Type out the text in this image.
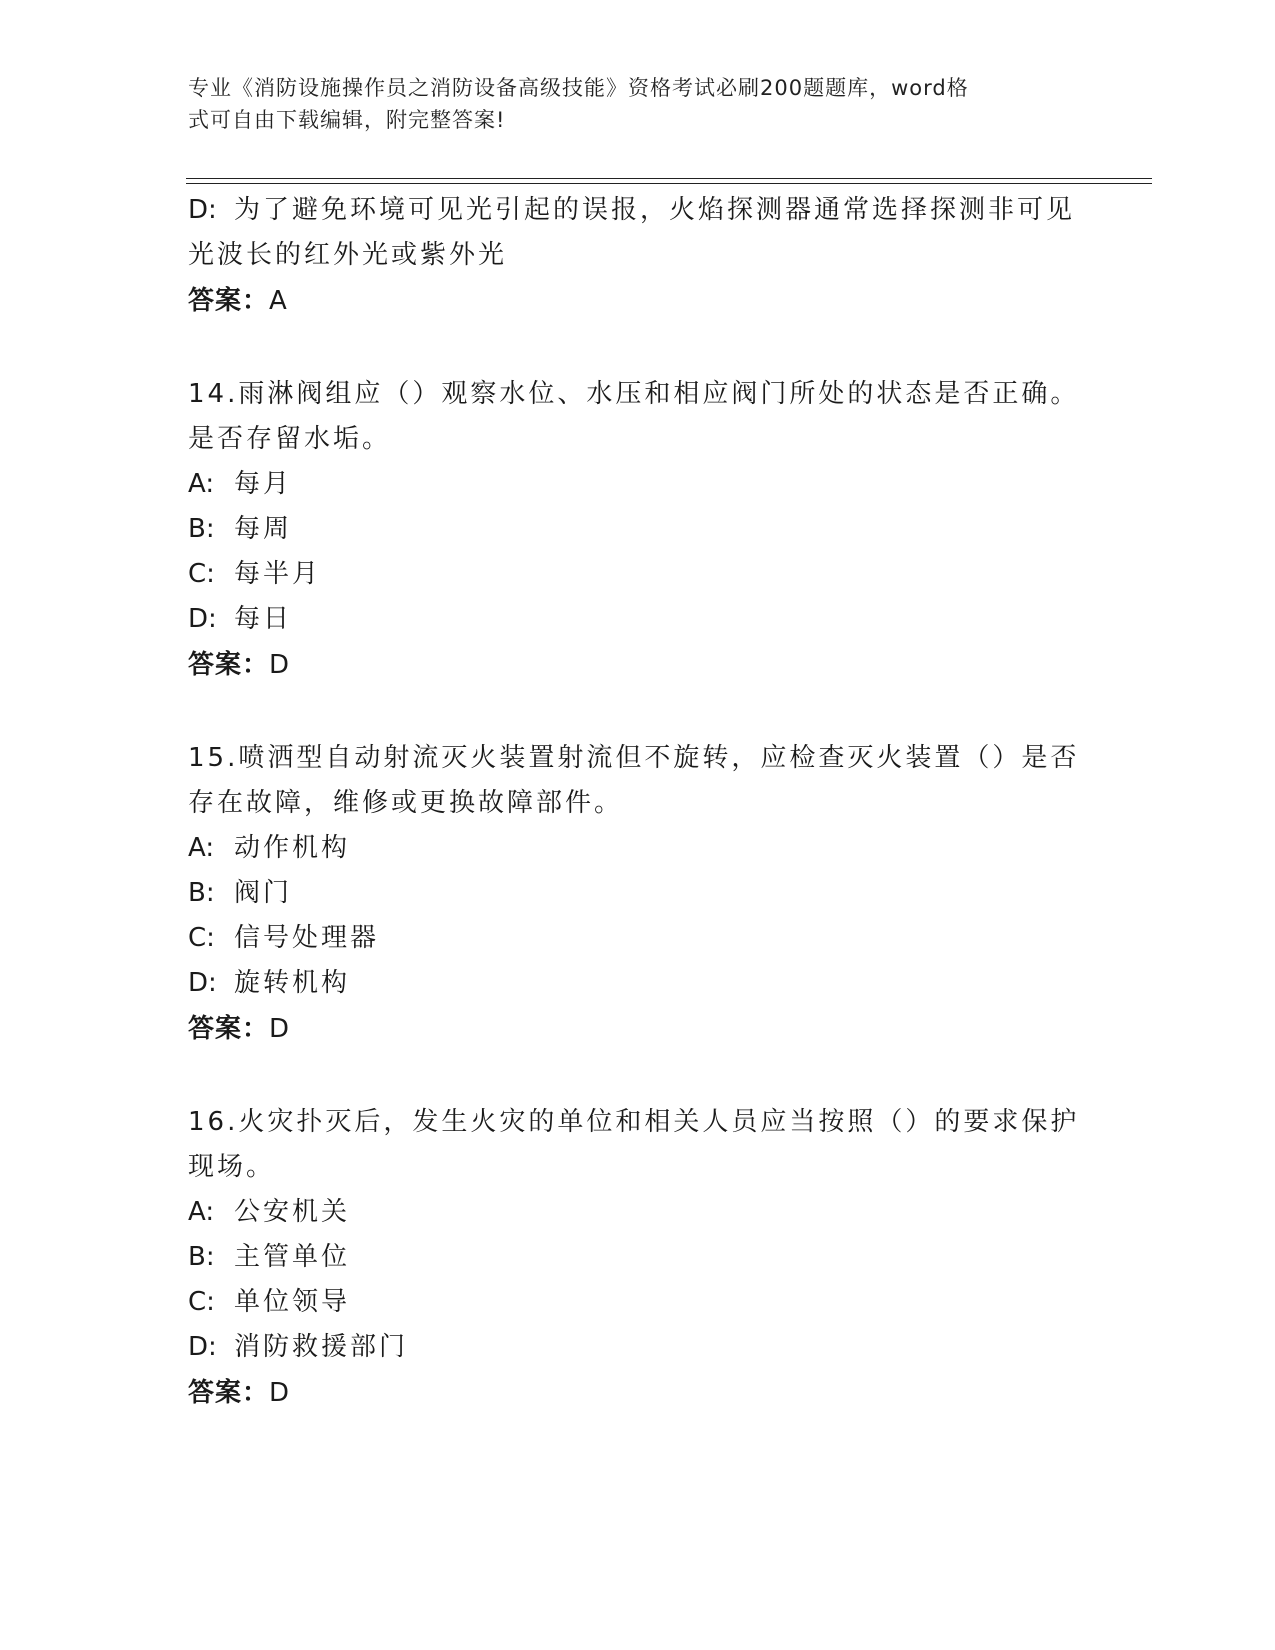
专业《消防设施操作员之消防设备高级技能》资格考试必刷200题题库，word格
式可自由下载编辑，附完整答案!
D: 为了避免环境可见光引起的误报，火焰探测器通常选择探测非可见
光波长的红外光或紫外光
答案：A
14.雨淋阀组应（）观察水位、水压和相应阀门所处的状态是否正确。
是否存留水垢。
A: 每月
B: 每周
C: 每半月
D: 每日
答案：D
15.喷洒型自动射流灭火装置射流但不旋转，应检查灭火装置（）是否
存在故障，维修或更换故障部件。
A: 动作机构
B: 阀门
C: 信号处理器
D: 旋转机构
答案：D
16.火灾扑灭后，发生火灾的单位和相关人员应当按照（）的要求保护
现场。
A: 公安机关
B: 主管单位
C: 单位领导
D: 消防救援部门
答案：D
